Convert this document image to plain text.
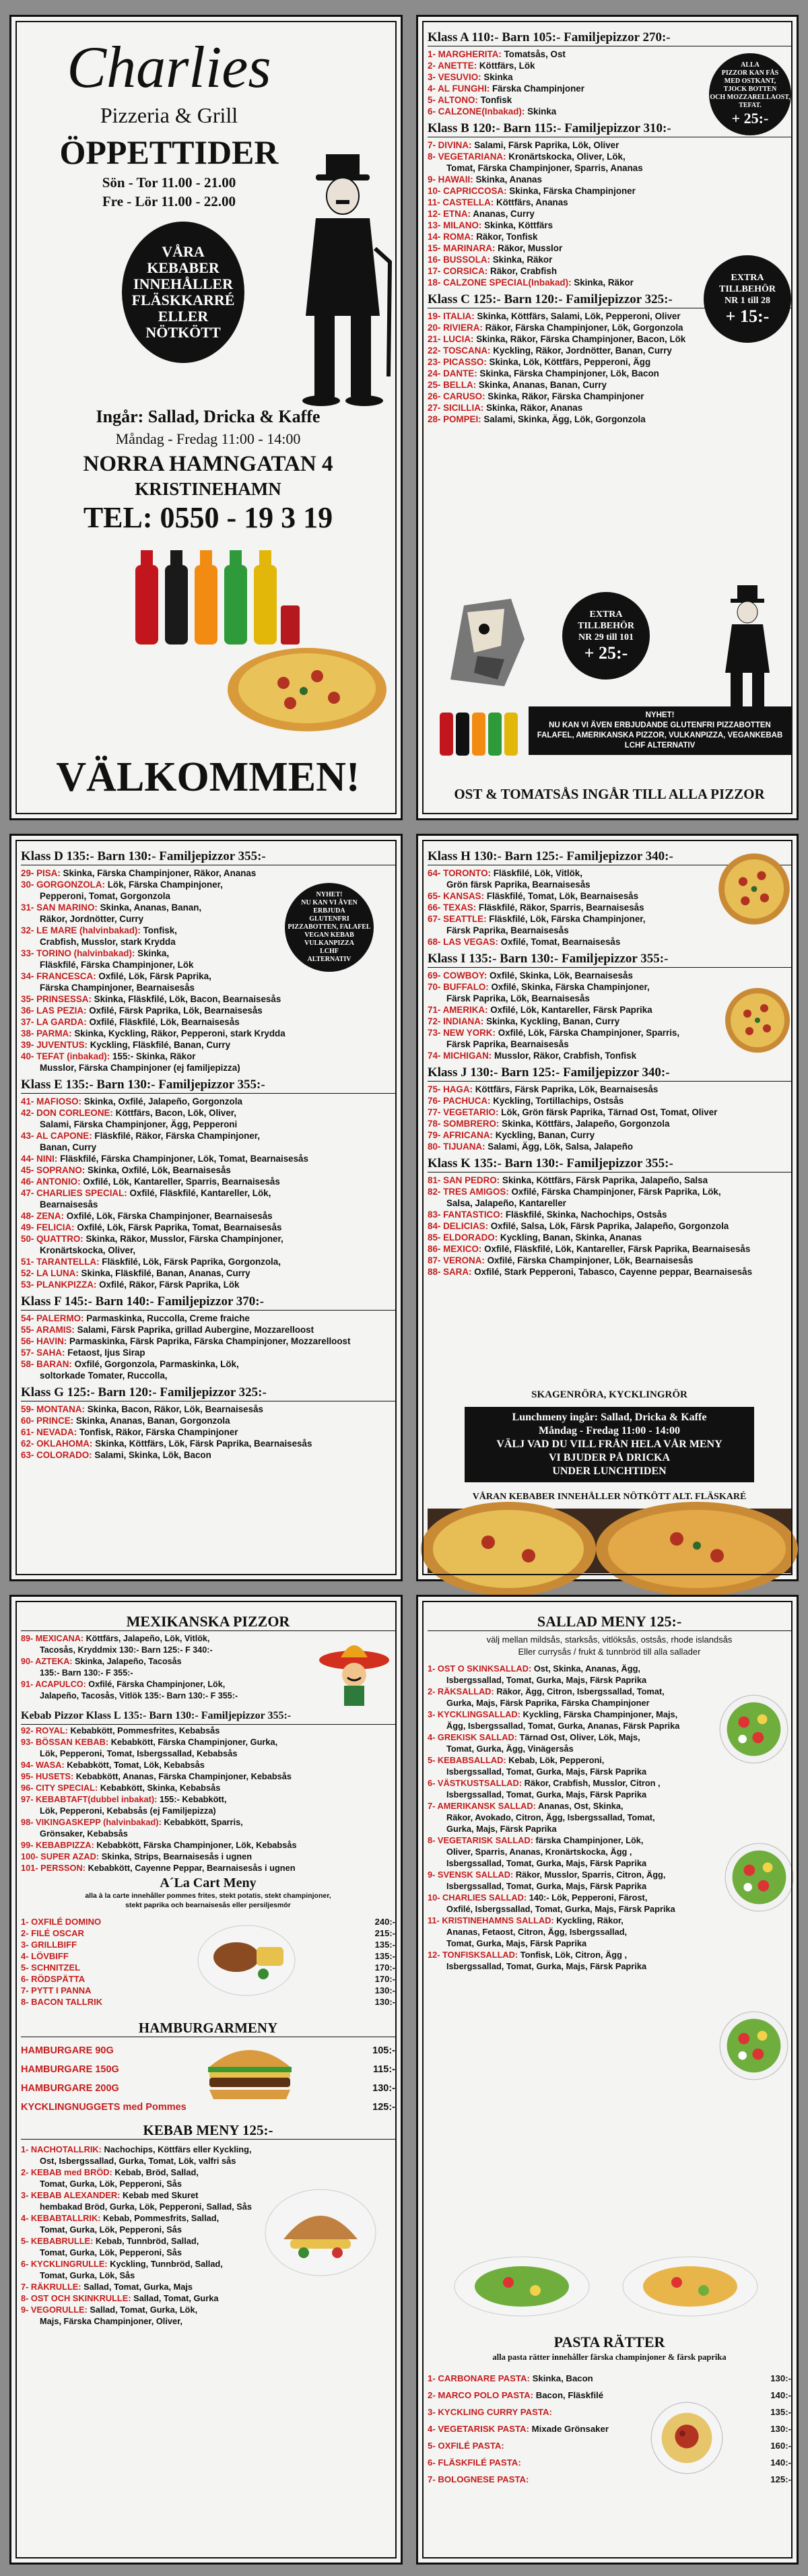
Charlies
Pizzeria & Grill
ÖPPETTIDER
Sön - Tor 11.00 - 21.00
Fre - Lör 11.00 - 22.00
VÅRA
KEBABER
INNEHÅLLER
FLÄSKKARRÉ
ELLER
NÖTKÖTT
Ingår: Sallad, Dricka & Kaffe
Måndag - Fredag 11:00 - 14:00
NORRA HAMNGATAN 4
KRISTINEHAMN
TEL: 0550 - 19 3 19
VÄLKOMMEN!
Klass A 110:- Barn 105:- Familjepizzor 270:-
1- MARGHERITA: Tomatsås, Ost
2- ANETTE: Köttfärs, Lök
3- VESUVIO: Skinka
4- AL FUNGHI: Färska Champinjoner
5- ALTONO: Tonfisk
6- CALZONE(Inbakad): Skinka
Klass B 120:- Barn 115:- Familjepizzor 310:-
7- DIVINA: Salami, Färsk Paprika, Lök, Oliver
8- VEGETARIANA: Kronärtskocka, Oliver, Lök,
Tomat, Färska Champinjoner, Sparris, Ananas
9- HAWAII: Skinka, Ananas
10- CAPRICCOSA: Skinka, Färska Champinjoner
11- CASTELLA: Köttfärs, Ananas
12- ETNA: Ananas, Curry
13- MILANO: Skinka, Köttfärs
14- ROMA: Räkor, Tonfisk
15- MARINARA: Räkor, Musslor
16- BUSSOLA: Skinka, Räkor
17- CORSICA: Räkor, Crabfish
18- CALZONE SPECIAL(Inbakad): Skinka, Räkor
Klass C 125:- Barn 120:- Familjepizzor 325:-
19- ITALIA: Skinka, Köttfärs, Salami, Lök, Pepperoni, Oliver
20- RIVIERA: Räkor, Färska Champinjoner, Lök, Gorgonzola
21- LUCIA: Skinka, Räkor, Färska Champinjoner, Bacon, Lök
22- TOSCANA: Kyckling, Räkor, Jordnötter, Banan, Curry
23- PICASSO: Skinka, Lök, Köttfärs, Pepperoni, Ägg
24- DANTE: Skinka, Färska Champinjoner, Lök, Bacon
25- BELLA: Skinka, Ananas, Banan, Curry
26- CARUSO: Skinka, Räkor, Färska Champinjoner
27- SICILLIA: Skinka, Räkor, Ananas
28- POMPEI: Salami, Skinka, Ägg, Lök, Gorgonzola
ALLA
PIZZOR KAN FÅS
MED OSTKANT,
TJOCK BOTTEN
OCH MOZZARELLAOST,
TEFAT.
+ 25:-
EXTRA
TILLBEHÖR
NR 1 till 28
+ 15:-
EXTRA
TILLBEHÖR
NR 29 till 101
+ 25:-
NYHET!
NU KAN VI ÄVEN ERBJUDANDE GLUTENFRI PIZZABOTTEN
FALAFEL, AMERIKANSKA PIZZOR, VULKANPIZZA, VEGANKEBAB
LCHF ALTERNATIV
OST & TOMATSÅS INGÅR TILL ALLA PIZZOR
Klass D 135:- Barn 130:- Familjepizzor 355:-
29- PISA: Skinka, Färska Champinjoner, Räkor, Ananas
30- GORGONZOLA: Lök, Färska Champinjoner,
Pepperoni, Tomat, Gorgonzola
31- SAN MARINO: Skinka, Ananas, Banan,
Räkor, Jordnötter, Curry
32- LE MARE (halvinbakad): Tonfisk,
Crabfish, Musslor, stark Krydda
33- TORINO (halvinbakad): Skinka,
Fläskfilé, Färska Champinjoner, Lök
34- FRANCESCA: Oxfilé, Lök, Färsk Paprika,
Färska Champinjoner, Bearnaisesås
35- PRINSESSA: Skinka, Fläskfilé, Lök, Bacon, Bearnaisesås
36- LAS PEZIA: Oxfilé, Färsk Paprika, Lök, Bearnaisesås
37- LA GARDA: Oxfilé, Fläskfilé, Lök, Bearnaisesås
38- PARMA: Skinka, Kyckling, Räkor, Pepperoni, stark Krydda
39- JUVENTUS: Kyckling, Fläskfilé, Banan, Curry
40- TEFAT (inbakad): 155:- Skinka, Räkor
Musslor, Färska Champinjoner (ej familjepizza)
Klass E 135:- Barn 130:- Familjepizzor 355:-
41- MAFIOSO: Skinka, Oxfilé, Jalapeño, Gorgonzola
42- DON CORLEONE: Köttfärs, Bacon, Lök, Oliver,
Salami, Färska Champinjoner, Ägg, Pepperoni
43- AL CAPONE: Fläskfilé, Räkor, Färska Champinjoner,
Banan, Curry
44- NINI: Fläskfilé, Färska Champinjoner, Lök, Tomat, Bearnaisesås
45- SOPRANO: Skinka, Oxfilé, Lök, Bearnaisesås
46- ANTONIO: Oxfilé, Lök, Kantareller, Sparris, Bearnaisesås
47- CHARLIES SPECIAL: Oxfilé, Fläskfilé, Kantareller, Lök,
Bearnaisesås
48- ZENA: Oxfilé, Lök, Färska Champinjoner, Bearnaisesås
49- FELICIA: Oxfilé, Lök, Färsk Paprika, Tomat, Bearnaisesås
50- QUATTRO: Skinka, Räkor, Musslor, Färska Champinjoner,
Kronärtskocka, Oliver,
51- TARANTELLA: Fläskfilé, Lök, Färsk Paprika, Gorgonzola,
52- LA LUNA: Skinka, Fläskfilé, Banan, Ananas, Curry
53- PLANKPIZZA: Oxfilé, Räkor, Färsk Paprika, Lök
Klass F 145:- Barn 140:- Familjepizzor 370:-
54- PALERMO: Parmaskinka, Ruccolla, Creme fraiche
55- ARAMIS: Salami, Färsk Paprika, grillad Aubergine, Mozzarelloost
56- HAVIN: Parmaskinka, Färsk Paprika, Färska Champinjoner, Mozzarelloost
57- SAHA: Fetaost, Ijus Sirap
58- BARAN: Oxfilé, Gorgonzola, Parmaskinka, Lök,
soltorkade Tomater, Ruccolla,
Klass G 125:- Barn 120:- Familjepizzor 325:-
59- MONTANA: Skinka, Bacon, Räkor, Lök, Bearnaisesås
60- PRINCE: Skinka, Ananas, Banan, Gorgonzola
61- NEVADA: Tonfisk, Räkor, Färska Champinjoner
62- OKLAHOMA: Skinka, Köttfärs, Lök, Färsk Paprika, Bearnaisesås
63- COLORADO: Salami, Skinka, Lök, Bacon
NYHET!
NU KAN VI ÄVEN
ERBJUDA
GLUTENFRI
PIZZABOTTEN, FALAFEL
VEGAN KEBAB
VULKANPIZZA
LCHF
ALTERNATIV
Klass H 130:- Barn 125:- Familjepizzor 340:-
64- TORONTO: Fläskfilé, Lök, Vitlök,
Grön färsk Paprika, Bearnaisesås
65- KANSAS: Fläskfilé, Tomat, Lök, Bearnaisesås
66- TEXAS: Fläskfilé, Räkor, Sparris, Bearnaisesås
67- SEATTLE: Fläskfilé, Lök, Färska Champinjoner,
Färsk Paprika, Bearnaisesås
68- LAS VEGAS: Oxfilé, Tomat, Bearnaisesås
Klass I 135:- Barn 130:- Familjepizzor 355:-
69- COWBOY: Oxfilé, Skinka, Lök, Bearnaisesås
70- BUFFALO: Oxfilé, Skinka, Färska Champinjoner,
Färsk Paprika, Lök, Bearnaisesås
71- AMERIKA: Oxfilé, Lök, Kantareller, Färsk Paprika
72- INDIANA: Skinka, Kyckling, Banan, Curry
73- NEW YORK: Oxfilé, Lök, Färska Champinjoner, Sparris,
Färsk Paprika, Bearnaisesås
74- MICHIGAN: Musslor, Räkor, Crabfish, Tonfisk
Klass J 130:- Barn 125:- Familjepizzor 340:-
75- HAGA: Köttfärs, Färsk Paprika, Lök, Bearnaisesås
76- PACHUCA: Kyckling, Tortillachips, Ostsås
77- VEGETARIO: Lök, Grön färsk Paprika, Tärnad Ost, Tomat, Oliver
78- SOMBRERO: Skinka, Köttfärs, Jalapeño, Gorgonzola
79- AFRICANA: Kyckling, Banan, Curry
80- TIJUANA: Salami, Ägg, Lök, Salsa, Jalapeño
Klass K 135:- Barn 130:- Familjepizzor 355:-
81- SAN PEDRO: Skinka, Köttfärs, Färsk Paprika, Jalapeño, Salsa
82- TRES AMIGOS: Oxfilé, Färska Champinjoner, Färsk Paprika, Lök,
Salsa, Jalapeño, Kantareller
83- FANTASTICO: Fläskfilé, Skinka, Nachochips, Ostsås
84- DELICIAS: Oxfilé, Salsa, Lök, Färsk Paprika, Jalapeño, Gorgonzola
85- ELDORADO: Kyckling, Banan, Skinka, Ananas
86- MEXICO: Oxfilé, Fläskfilé, Lök, Kantareller, Färsk Paprika, Bearnaisesås
87- VERONA: Oxfilé, Färska Champinjoner, Lök, Bearnaisesås
88- SARA: Oxfilé, Stark Pepperoni, Tabasco, Cayenne peppar, Bearnaisesås
SKAGENRÖRA, KYCKLINGRÖR
Lunchmeny ingår: Sallad, Dricka & Kaffe
Måndag - Fredag 11:00 - 14:00
VÄLJ VAD DU VILL FRÅN HELA VÅR MENY
VI BJUDER PÅ DRICKA
UNDER LUNCHTIDEN
VÅRAN KEBABER INNEHÅLLER NÖTKÖTT ALT. FLÄSKARÉ
MEXIKANSKA PIZZOR
89- MEXICANA: Köttfärs, Jalapeño, Lök, Vitlök,
Tacosås, Kryddmix 130:- Barn 125:- F 340:-
90- AZTEKA: Skinka, Jalapeño, Tacosås
135:- Barn 130:- F 355:-
91- ACAPULCO: Oxfilé, Färska Champinjoner, Lök,
Jalapeño, Tacosås, Vitlök 135:- Barn 130:- F 355:-
Kebab Pizzor Klass L 135:- Barn 130:- Familjepizzor 355:-
92- ROYAL: Kebabkött, Pommesfrites, Kebabsås
93- BÖSSAN KEBAB: Kebabkött, Färska Champinjoner, Gurka,
Lök, Pepperoni, Tomat, Isbergssallad, Kebabsås
94- WASA: Kebabkött, Tomat, Lök, Kebabsås
95- HUSETS: Kebabkött, Ananas, Färska Champinjoner, Kebabsås
96- CITY SPECIAL: Kebabkött, Skinka, Kebabsås
97- KEBABTAFT(dubbel inbakat): 155:- Kebabkött,
Lök, Pepperoni, Kebabsås (ej Familjepizza)
98- VIKINGASKEPP (halvinbakad): Kebabkött, Sparris,
Grönsaker, Kebabsås
99- KEBABPIZZA: Kebabkött, Färska Champinjoner, Lök, Kebabsås
100- SUPER AZAD: Skinka, Strips, Bearnaisesås i ugnen
101- PERSSON: Kebabkött, Cayenne Peppar, Bearnaisesås i ugnen
A´La Cart Meny
alla à la carte innehåller pommes frites, stekt potatis, stekt champinjoner,
stekt paprika och bearnaisesås eller persiljesmör
1- OXFILÉ DOMINO	240:-
2- FILÉ OSCAR	215:-
3- GRILLBIFF	135:-
4- LÖVBIFF	135:-
5- SCHNITZEL	170:-
6- RÖDSPÄTTA	170:-
7- PYTT I PANNA	130:-
8- BACON TALLRIK	130:-
HAMBURGARMENY
HAMBURGARE 90G	105:-
HAMBURGARE 150G	115:-
HAMBURGARE 200G	130:-
KYCKLINGNUGGETS med Pommes	125:-
KEBAB MENY 125:-
1- NACHOTALLRIK: Nachochips, Köttfärs eller Kyckling,
Ost, Isbergssallad, Gurka, Tomat, Lök, valfri sås
2- KEBAB med BRÖD: Kebab, Bröd, Sallad,
Tomat, Gurka, Lök, Pepperoni, Sås
3- KEBAB ALEXANDER: Kebab med Skuret
hembakad Bröd, Gurka, Lök, Pepperoni, Sallad, Sås
4- KEBABTALLRIK: Kebab, Pommesfrits, Sallad,
Tomat, Gurka, Lök, Pepperoni, Sås
5- KEBABRULLE: Kebab, Tunnbröd, Sallad,
Tomat, Gurka, Lök, Pepperoni, Sås
6- KYCKLINGRULLE: Kyckling, Tunnbröd, Sallad,
Tomat, Gurka, Lök, Sås
7- RÄKRULLE: Sallad, Tomat, Gurka, Majs
8- OST OCH SKINKRULLE: Sallad, Tomat, Gurka
9- VEGORULLE: Sallad, Tomat, Gurka, Lök,
Majs, Färska Champinjoner, Oliver,
SALLAD MENY 125:-
välj mellan mildsås, starksås, vitlöksås, ostsås, rhode islandsås
Eller currysås / frukt & tunnbröd till alla sallader
1- OST O SKINKSALLAD: Ost, Skinka, Ananas, Ägg,
Isbergssallad, Tomat, Gurka, Majs, Färsk Paprika
2- RÄKSALLAD: Räkor, Ägg, Citron, Isbergssallad, Tomat,
Gurka, Majs, Färsk Paprika, Färska Champinjoner
3- KYCKLINGSALLAD: Kyckling, Färska Champinjoner, Majs,
Ägg, Isbergssallad, Tomat, Gurka, Ananas, Färsk Paprika
4- GREKISK SALLAD: Tärnad Ost, Oliver, Lök, Majs,
Tomat, Gurka, Ägg, Vinägersås
5- KEBABSALLAD: Kebab, Lök, Pepperoni,
Isbergssallad, Tomat, Gurka, Majs, Färsk Paprika
6- VÄSTKUSTSALLAD: Räkor, Crabfish, Musslor, Citron ,
Isbergssallad, Tomat, Gurka, Majs, Färsk Paprika
7- AMERIKANSK SALLAD: Ananas, Ost, Skinka,
Räkor, Avokado, Citron, Ägg, Isbergssallad, Tomat,
Gurka, Majs, Färsk Paprika
8- VEGETARISK SALLAD: färska Champinjoner, Lök,
Oliver, Sparris, Ananas, Kronärtskocka, Ägg ,
Isbergssallad, Tomat, Gurka, Majs, Färsk Paprika
9- SVENSK SALLAD: Räkor, Musslor, Sparris, Citron, Ägg,
Isbergssallad, Tomat, Gurka, Majs, Färsk Paprika
10- CHARLIES SALLAD: 140:- Lök, Pepperoni, Färost,
Oxfilé, Isbergssallad, Tomat, Gurka, Majs, Färsk Paprika
11- KRISTINEHAMNS SALLAD: Kyckling, Räkor,
Ananas, Fetaost, Citron, Ägg, Isbergssallad,
Tomat, Gurka, Majs, Färsk Paprika
12- TONFISKSALLAD: Tonfisk, Lök, Citron, Ägg ,
Isbergssallad, Tomat, Gurka, Majs, Färsk Paprika
PASTA RÄTTER
alla pasta rätter innehåller färska champinjoner & färsk paprika
1- CARBONARE PASTA: Skinka, Bacon	130:-
2- MARCO POLO PASTA: Bacon, Fläskfilé	140:-
3- KYCKLING CURRY PASTA:	135:-
4- VEGETARISK PASTA: Mixade Grönsaker	130:-
5- OXFILÉ PASTA:	160:-
6- FLÄSKFILÉ PASTA:	140:-
7- BOLOGNESE PASTA:	125:-
